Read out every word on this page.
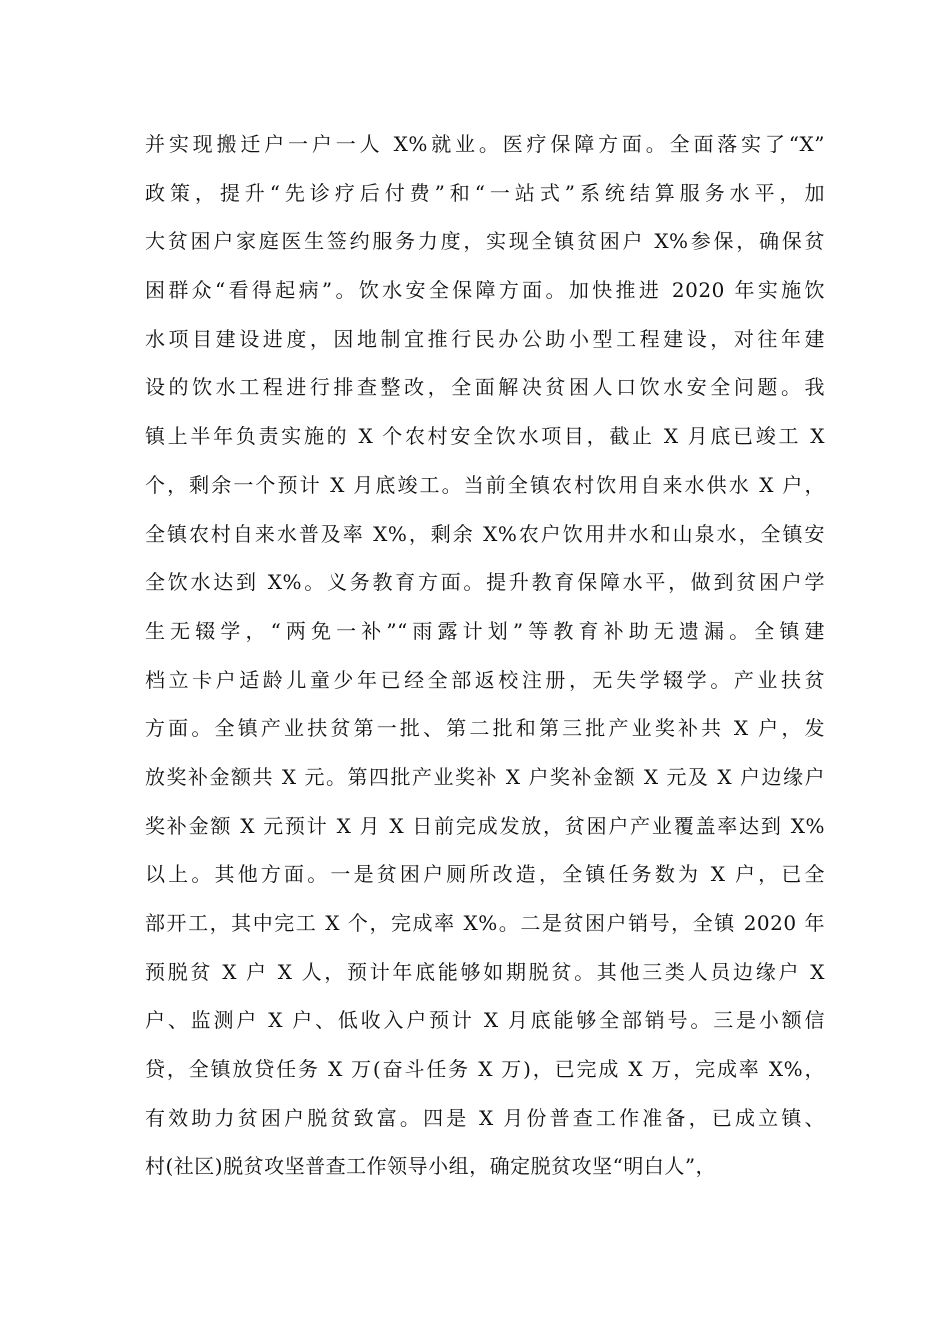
并实现搬迁户一户一人 X%就业。医疗保障方面。全面落实了“X”
政策，提升“先诊疗后付费”和“一站式”系统结算服务水平，加
大贫困户家庭医生签约服务力度，实现全镇贫困户 X%参保，确保贫
困群众“看得起病”。饮水安全保障方面。加快推进 2020 年实施饮
水项目建设进度，因地制宜推行民办公助小型工程建设，对往年建
设的饮水工程进行排查整改，全面解决贫困人口饮水安全问题。我
镇上半年负责实施的 X 个农村安全饮水项目，截止 X 月底已竣工 X
个，剩余一个预计 X 月底竣工。当前全镇农村饮用自来水供水 X 户，
全镇农村自来水普及率 X%，剩余 X%农户饮用井水和山泉水，全镇安
全饮水达到 X%。义务教育方面。提升教育保障水平，做到贫困户学
生无辍学，“两免一补”“雨露计划”等教育补助无遗漏。全镇建
档立卡户适龄儿童少年已经全部返校注册，无失学辍学。产业扶贫
方面。全镇产业扶贫第一批、第二批和第三批产业奖补共 X 户，发
放奖补金额共 X 元。第四批产业奖补 X 户奖补金额 X 元及 X 户边缘户
奖补金额 X 元预计 X 月 X 日前完成发放，贫困户产业覆盖率达到 X%
以上。其他方面。一是贫困户厕所改造，全镇任务数为 X 户，已全
部开工，其中完工 X 个，完成率 X%。二是贫困户销号，全镇 2020 年
预脱贫 X 户 X 人，预计年底能够如期脱贫。其他三类人员边缘户 X
户、监测户 X 户、低收入户预计 X 月底能够全部销号。三是小额信
贷，全镇放贷任务 X 万(奋斗任务 X 万)，已完成 X 万，完成率 X%，
有效助力贫困户脱贫致富。四是 X 月份普查工作准备，已成立镇、
村(社区)脱贫攻坚普查工作领导小组，确定脱贫攻坚“明白人”，
